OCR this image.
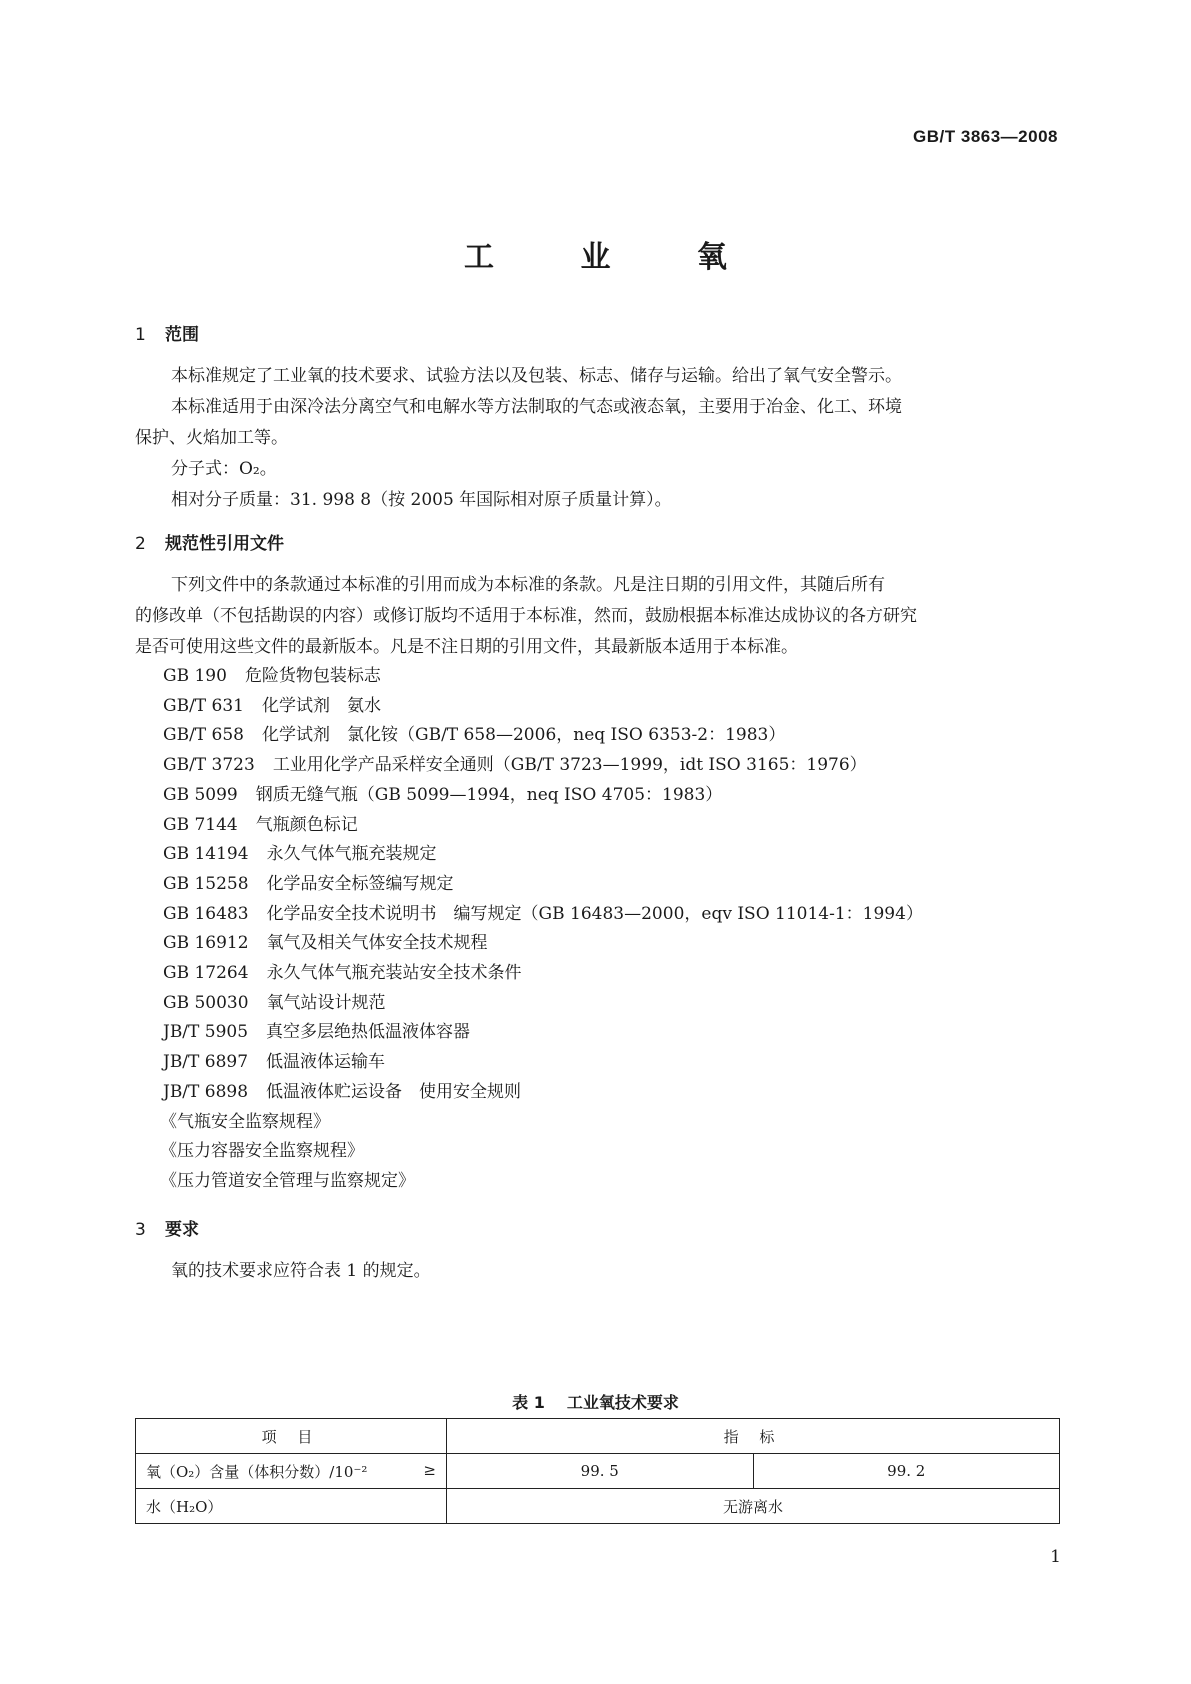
GB/T 3863—2008
工 业 氧
1 范围
本标准规定了工业氧的技术要求、试验方法以及包装、标志、储存与运输。给出了氧气安全警示。
本标准适用于由深冷法分离空气和电解水等方法制取的气态或液态氧，主要用于冶金、化工、环境
保护、火焰加工等。
分子式：O₂。
相对分子质量：31. 998 8（按 2005 年国际相对原子质量计算）。
2 规范性引用文件
下列文件中的条款通过本标准的引用而成为本标准的条款。凡是注日期的引用文件，其随后所有
的修改单（不包括勘误的内容）或修订版均不适用于本标准，然而，鼓励根据本标准达成协议的各方研究
是否可使用这些文件的最新版本。凡是不注日期的引用文件，其最新版本适用于本标准。
GB 190 危险货物包装标志
GB/T 631 化学试剂　氨水
GB/T 658 化学试剂　氯化铵（GB/T 658—2006，neq ISO 6353-2：1983）
GB/T 3723 工业用化学产品采样安全通则（GB/T 3723—1999，idt ISO 3165：1976）
GB 5099 钢质无缝气瓶（GB 5099—1994，neq ISO 4705：1983）
GB 7144 气瓶颜色标记
GB 14194 永久气体气瓶充装规定
GB 15258 化学品安全标签编写规定
GB 16483 化学品安全技术说明书　编写规定（GB 16483—2000，eqv ISO 11014-1：1994）
GB 16912 氧气及相关气体安全技术规程
GB 17264 永久气体气瓶充装站安全技术条件
GB 50030 氧气站设计规范
JB/T 5905 真空多层绝热低温液体容器
JB/T 6897 低温液体运输车
JB/T 6898 低温液体贮运设备　使用安全规则
《气瓶安全监察规程》
《压力容器安全监察规程》
《压力管道安全管理与监察规定》
3 要求
氧的技术要求应符合表 1 的规定。
表 1 工业氧技术要求
项 目	指 标	
氧（O₂）含量（体积分数）/10⁻² ≥	99. 5	99. 2
水（H₂O）	无游离水	
1
